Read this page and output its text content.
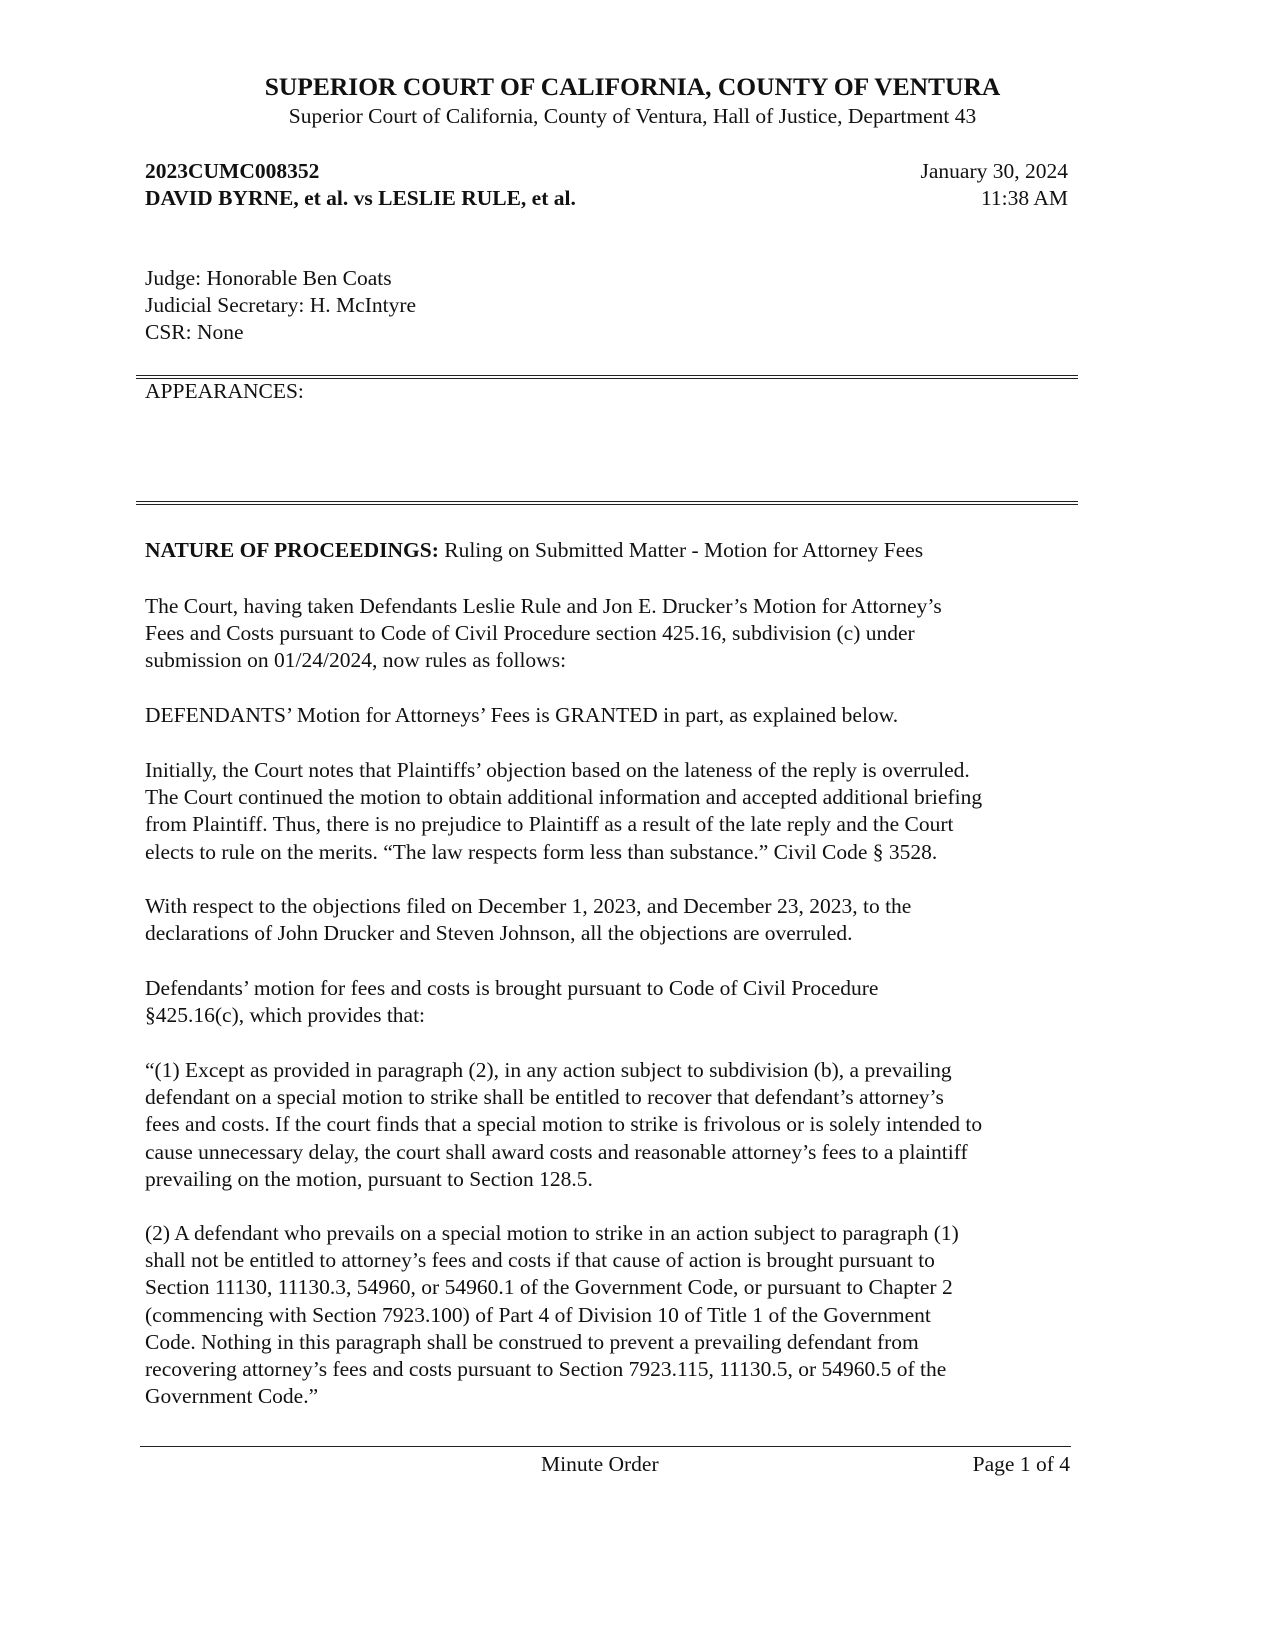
SUPERIOR COURT OF CALIFORNIA, COUNTY OF VENTURA
Superior Court of California, County of Ventura, Hall of Justice, Department 43
2023CUMC008352
DAVID BYRNE, et al. vs LESLIE RULE, et al.
January 30, 2024
11:38 AM
Judge: Honorable Ben Coats
Judicial Secretary: H. McIntyre
CSR: None
APPEARANCES:
NATURE OF PROCEEDINGS: Ruling on Submitted Matter - Motion for Attorney Fees
The Court, having taken Defendants Leslie Rule and Jon E. Drucker’s Motion for Attorney’s
Fees and Costs pursuant to Code of Civil Procedure section 425.16, subdivision (c) under
submission on 01/24/2024, now rules as follows:
DEFENDANTS’ Motion for Attorneys’ Fees is GRANTED in part, as explained below.
Initially, the Court notes that Plaintiffs’ objection based on the lateness of the reply is overruled.
The Court continued the motion to obtain additional information and accepted additional briefing
from Plaintiff. Thus, there is no prejudice to Plaintiff as a result of the late reply and the Court
elects to rule on the merits. “The law respects form less than substance.” Civil Code § 3528.
With respect to the objections filed on December 1, 2023, and December 23, 2023, to the
declarations of John Drucker and Steven Johnson, all the objections are overruled.
Defendants’ motion for fees and costs is brought pursuant to Code of Civil Procedure
§425.16(c), which provides that:
“(1) Except as provided in paragraph (2), in any action subject to subdivision (b), a prevailing
defendant on a special motion to strike shall be entitled to recover that defendant’s attorney’s
fees and costs. If the court finds that a special motion to strike is frivolous or is solely intended to
cause unnecessary delay, the court shall award costs and reasonable attorney’s fees to a plaintiff
prevailing on the motion, pursuant to Section 128.5.
(2) A defendant who prevails on a special motion to strike in an action subject to paragraph (1)
shall not be entitled to attorney’s fees and costs if that cause of action is brought pursuant to
Section 11130, 11130.3, 54960, or 54960.1 of the Government Code, or pursuant to Chapter 2
(commencing with Section 7923.100) of Part 4 of Division 10 of Title 1 of the Government
Code. Nothing in this paragraph shall be construed to prevent a prevailing defendant from
recovering attorney’s fees and costs pursuant to Section 7923.115, 11130.5, or 54960.5 of the
Government Code.”
Minute Order	Page 1 of 4
